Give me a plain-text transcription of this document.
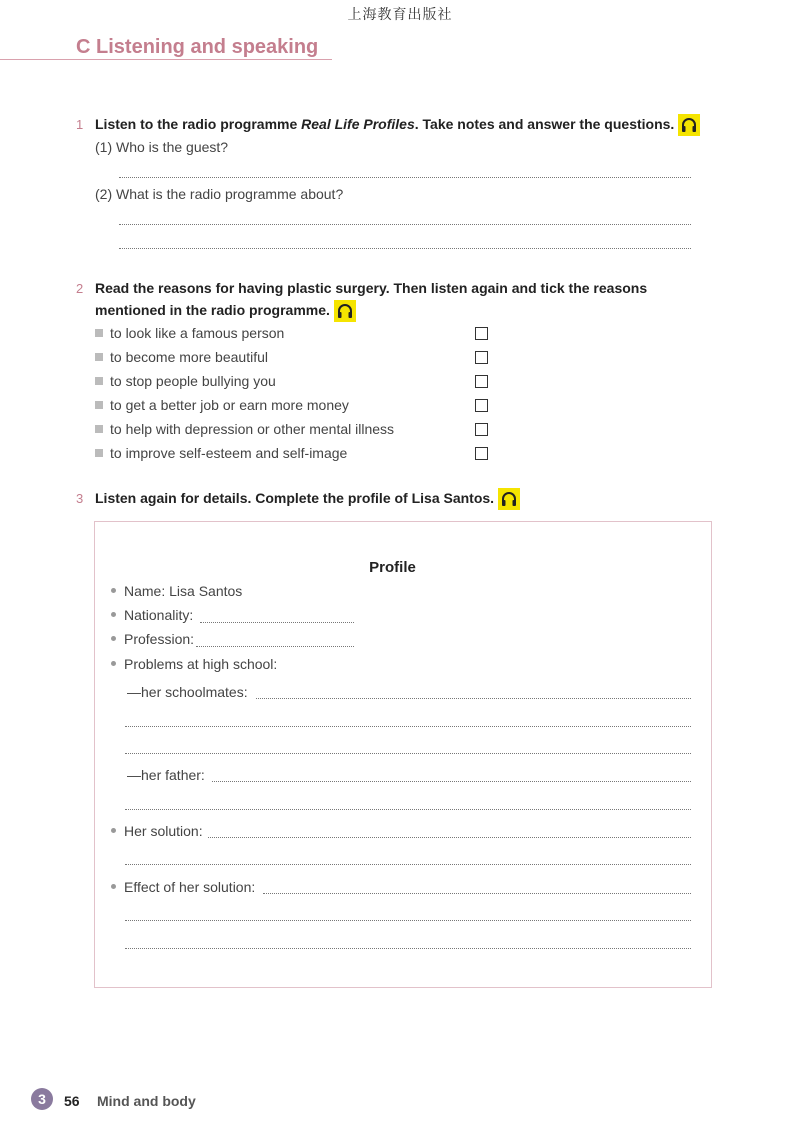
上海教育出版社
C Listening and speaking
1 Listen to the radio programme Real Life Profiles. Take notes and answer the questions.
(1) Who is the guest?
(2) What is the radio programme about?
2 Read the reasons for having plastic surgery. Then listen again and tick the reasons
mentioned in the radio programme.
to look like a famous person
to become more beautiful
to stop people bullying you
to get a better job or earn more money
to help with depression or other mental illness
to improve self-esteem and self-image
3 Listen again for details. Complete the profile of Lisa Santos.
Profile
Name: Lisa Santos
Nationality:
Profession:
Problems at high school:
—her schoolmates:
—her father:
Her solution:
Effect of her solution:
3	56 Mind and body
